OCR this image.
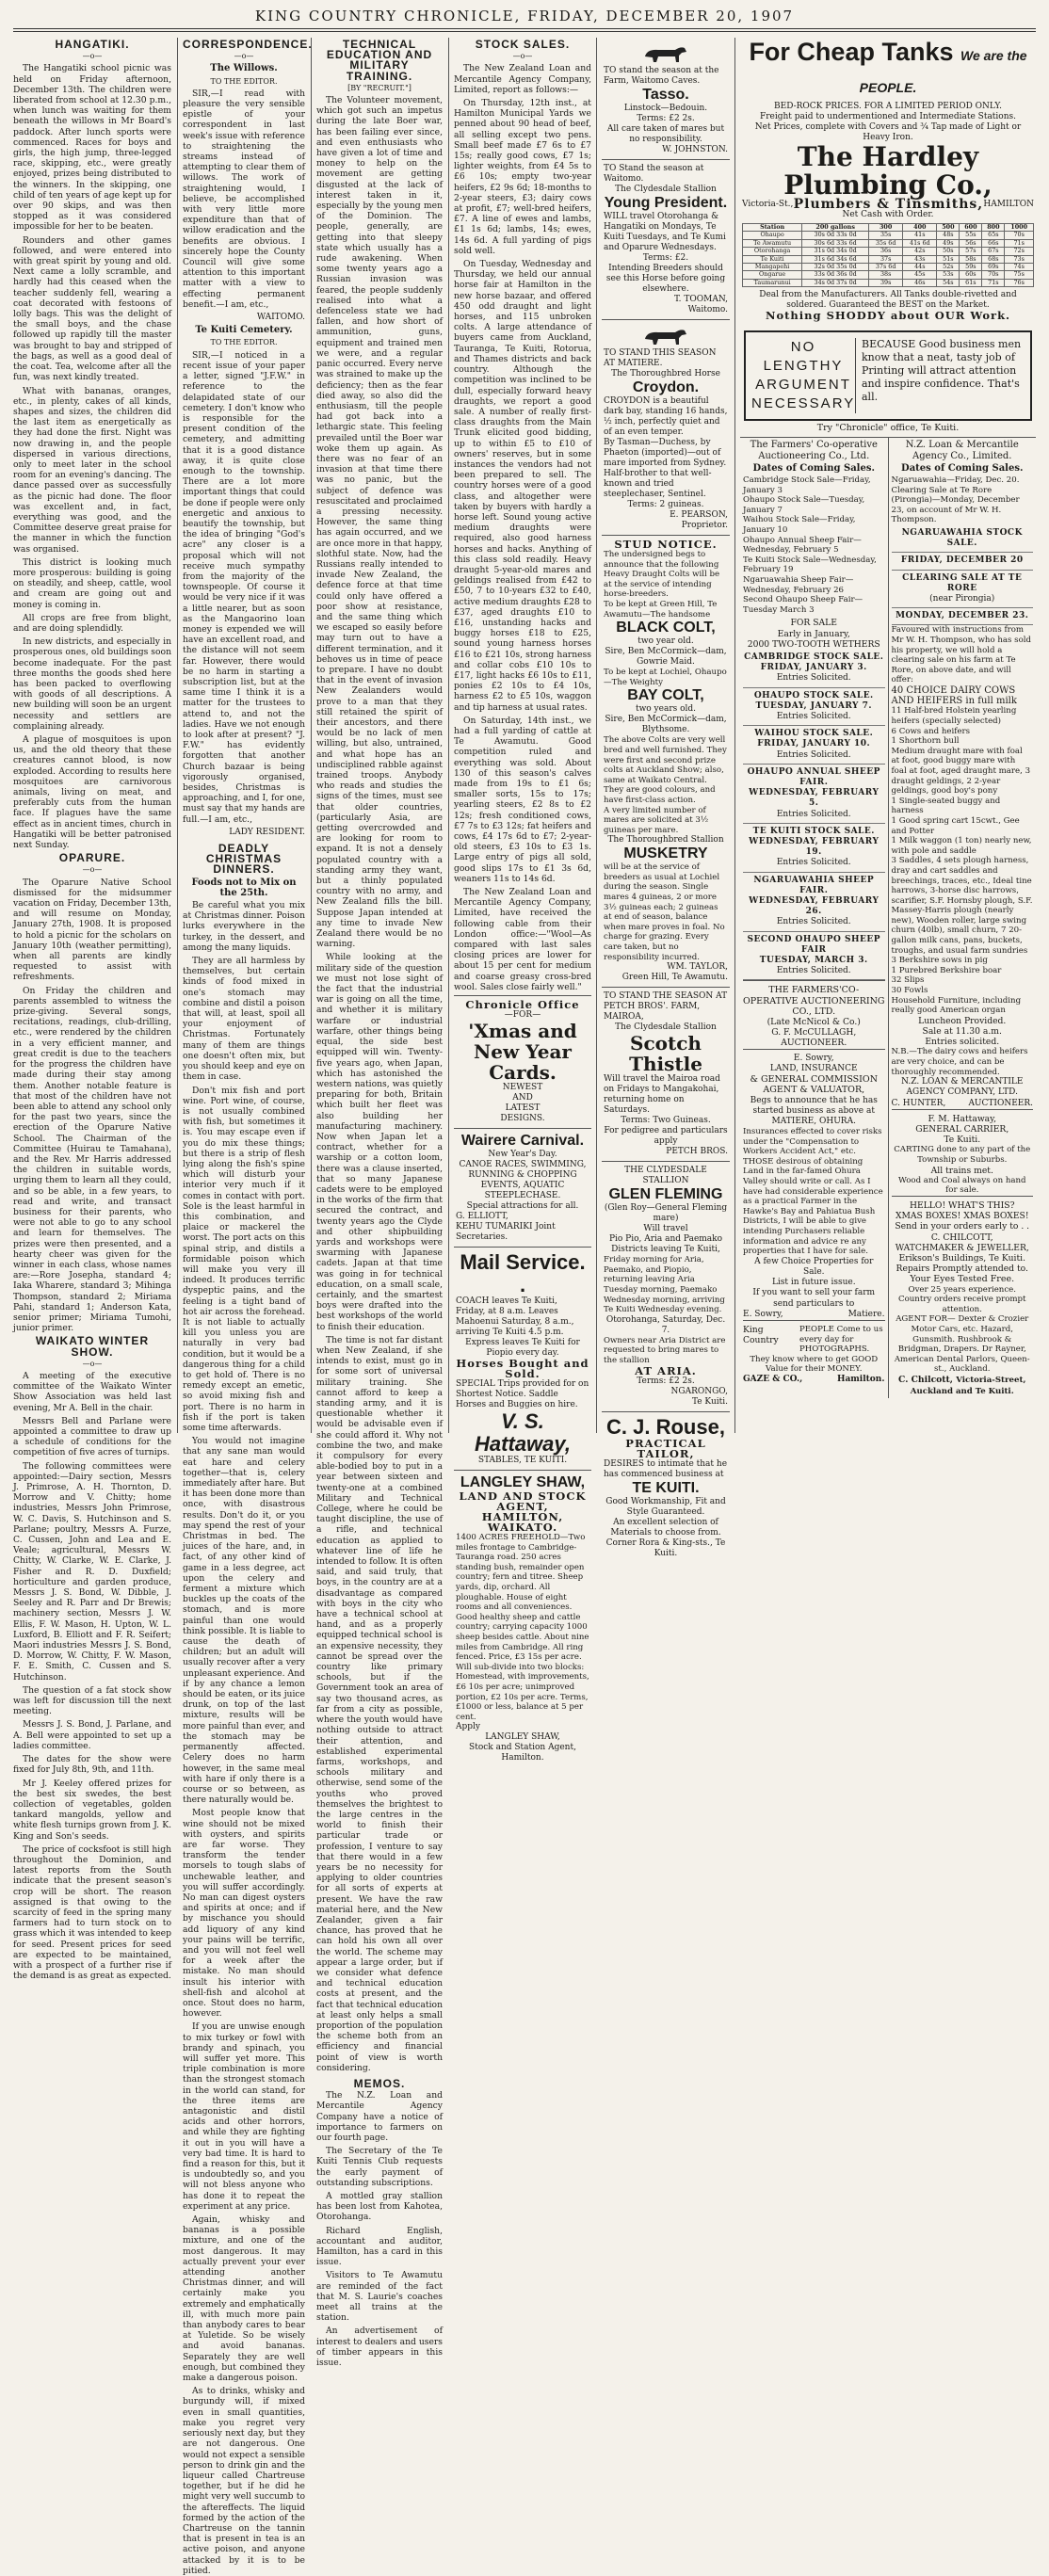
KING COUNTRY CHRONICLE, FRIDAY, DECEMBER 20, 1907
HANGATIKI.
—o—

The Hangatiki school picnic was held on Friday afternoon, December 13th. The children were liberated from school at 12.30 p.m., when lunch was waiting for them beneath the willows in Mr Board's paddock. After lunch sports were commenced. Races for boys and girls, the high jump, three-legged race, skipping, etc., were greatly enjoyed, prizes being distributed to the winners. In the skipping, one child of ten years of age kept up for over 90 skips, and was then stopped as it was considered impossible for her to be beaten.

Rounders and other games followed, and were entered into with great spirit by young and old. Next came a lolly scramble, and hardly had this ceased when the teacher suddenly fell, wearing a coat decorated with festoons of lolly bags. This was the delight of the small boys, and the chase followed up rapidly till the master was brought to bay and stripped of the bags, as well as a good deal of the coat. Tea, welcome after all the fun, was next kindly treated.

What with bananas, oranges, etc., in plenty, cakes of all kinds, shapes and sizes, the children did the last item as energetically as they had done the first. Night was now drawing in, and the people dispersed in various directions, only to meet later in the school room for an evening's dancing. The dance passed over as successfully as the picnic had done. The floor was excellent and, in fact, everything was good, and the Committee deserve great praise for the manner in which the function was organised.

This district is looking much more prosperous: building is going on steadily, and sheep, cattle, wool and cream are going out and money is coming in.

All crops are free from blight, and are doing splendidly.

In new districts, and especially in prosperous ones, old buildings soon become inadequate. For the past three months the goods shed here has been packed to overflowing with goods of all descriptions. A new building will soon be an urgent necessity and settlers are complaining already.

A plague of mosquitoes is upon us, and the old theory that these creatures cannot blood, is now exploded. According to results here mosquitoes are carnivorous animals, living on meat, and preferably cuts from the human face. If plagues have the same effect as in ancient times, church in Hangatiki will be better patronised next Sunday.

OPARURE.
—o—

The Oparure Native School dismissed for the midsummer vacation on Friday, December 13th, and will resume on Monday, January 27th, 1908. It is proposed to hold a picnic for the scholars on January 10th (weather permitting), when all parents are kindly requested to assist with refreshments.

On Friday the children and parents assembled to witness the prize-giving. Several songs, recitations, readings, club-drilling, etc., were rendered by the children in a very efficient manner, and great credit is due to the teachers for the progress the children have made during their stay among them. Another notable feature is that most of the children have not been able to attend any school only for the past two years, since the erection of the Oparure Native School. The Chairman of the Committee (Huirau te Tamahana), and the Rev. Mr Harris addressed the children in suitable words, urging them to learn all they could, and so be able, in a few years, to read and write, and transact business for their parents, who were not able to go to any school and learn for themselves. The prizes were then presented, and a hearty cheer was given for the winner in each class, whose names are:—Rore Josepha, standard 4; Iaka Wharere, standard 3; Mihinga Thompson, standard 2; Miriama Pahi, standard 1; Anderson Kata, senior primer; Miriama Tumohi, junior primer.

WAIKATO WINTER SHOW.
—o—

A meeting of the executive committee of the Waikato Winter Show Association was held last evening, Mr A. Bell in the chair.

Messrs Bell and Parlane were appointed a committee to draw up a schedule of conditions for the competition of five acres of turnips.

The following committees were appointed:—Dairy section, Messrs J. Primrose, A. H. Thornton, D. Morrow and V. Chitty; home industries, Messrs John Primrose, W. C. Davis, S. Hutchinson and S. Parlane; poultry, Messrs A. Furze, C. Cussen, John and Lea and E. Veale; agricultural, Messrs W. Chitty, W. Clarke, W. E. Clarke, J. Fisher and R. D. Duxfield; horticulture and garden produce, Messrs J. S. Bond, W. Dibble, J. Seeley and R. Parr and Dr Brewis; machinery section, Messrs J. W. Ellis, F. W. Mason, H. Upton, W. L. Luxford, B. Elliott and F. R. Seifert; Maori industries Messrs J. S. Bond, D. Morrow, W. Chitty, F. W. Mason, F. E. Smith, C. Cussen and S. Hutchinson.

The question of a fat stock show was left for discussion till the next meeting.

Messrs J. S. Bond, J. Parlane, and A. Bell were appointed to set up a ladies committee.

The dates for the show were fixed for July 8th, 9th, and 11th.

Mr J. Keeley offered prizes for the best six swedes, the best collection of vegetables, golden tankard mangolds, yellow and white flesh turnips grown from J. K. King and Son's seeds.

The price of cocksfoot is still high throughout the Dominion, and latest reports from the South indicate that the present season's crop will be short. The reason assigned is that owing to the scarcity of feed in the spring many farmers had to turn stock on to grass which it was intended to keep for seed. Present prices for seed are expected to be maintained, with a prospect of a further rise if the demand is as great as expected.

CORRESPONDENCE.
—o—
The Willows.
TO THE EDITOR.

SIR,—I read with pleasure the very sensible epistle of your correspondent in last week's issue with reference to straightening the streams instead of attempting to clear them of willows. The work of straightening would, I believe, be accomplished with very little more expenditure than that of willow eradication and the benefits are obvious. I sincerely hope the County Council will give some attention to this important matter with a view to effecting permanent benefit.—I am, etc.,

WAITOMO.
Te Kuiti Cemetery.
TO THE EDITOR.

SIR,—I noticed in a recent issue of your paper a letter, signed "J.F.W." in reference to the delapidated state of our cemetery. I don't know who is responsible for the present condition of the cemetery, and admitting that it is a good distance away, it is quite close enough to the township. There are a lot more important things that could be done if people were only energetic and anxious to beautify the township, but the idea of bringing "God's acre" any closer is a proposal which will not receive much sympathy from the majority of the townspeople. Of course it would be very nice if it was a little nearer, but as soon as the Mangaorino loan money is expended we will have an excellent road, and the distance will not seem far. However, there would be no harm in starting a subscription list, but at the same time I think it is a matter for the trustees to attend to, and not the ladies. Have we not enough to look after at present? "J. F.W." has evidently forgotten that another Church bazaar is being vigorously organised, besides, Christmas is approaching, and I, for one, must say that my hands are full.—I am, etc.,

LADY RESIDENT.
DEADLY CHRISTMAS DINNERS.
Foods not to Mix on the 25th.

Be careful what you mix at Christmas dinner. Poison lurks everywhere in the turkey, in the dessert, and among the many liquids.

They are all harmless by themselves, but certain kinds of food mixed in one's stomach may combine and distil a poison that will, at least, spoil all your enjoyment of Christmas. Fortunately many of them are things one doesn't often mix, but you should keep and eye on them in case.

Don't mix fish and port wine. Port wine, of course, is not usually combined with fish, but sometimes it is. You may escape even if you do mix these things; but there is a strip of flesh lying along the fish's spine which will disturb your interior very much if it comes in contact with port. Sole is the least harmful in this combination, and plaice or mackerel the worst. The port acts on this spinal strip, and distils a formidable poison which will make you very ill indeed. It produces terrific dyspeptic pains, and the feeling is a tight band of hot air across the forehead. It is not liable to actually kill you unless you are naturally in very bad condition, but it would be a dangerous thing for a child to get hold of. There is no remedy except an emetic, so avoid mixing fish and port. There is no harm in fish if the port is taken some time afterwards.

You would not imagine that any sane man would eat hare and celery together—that is, celery immediately after hare. But it has been done more than once, with disastrous results. Don't do it, or you may spend the rest of your Christmas in bed. The juices of the hare, and, in fact, of any other kind of game in a less degree, act upon the celery and ferment a mixture which buckles up the coats of the stomach, and is more painful than one would think possible. It is liable to cause the death of children; but an adult will usually recover after a very unpleasant experience. And if by any chance a lemon should be eaten, or its juice drunk, on top of the last mixture, results will be more painful than ever, and the stomach may be permanently affected. Celery does no harm however, in the same meal with hare if only there is a course or so between, as there naturally would be.

Most people know that wine should not be mixed with oysters, and spirits are far worse. They transform the tender morsels to tough slabs of unchewable leather, and you will suffer accordingly. No man can digest oysters and spirits at once; and if by mischance you should add liquory of any kind your pains will be terrific, and you will not feel well for a week after the mistake. No man should insult his interior with shell-fish and alcohol at once. Stout does no harm, however.

If you are unwise enough to mix turkey or fowl with brandy and spinach, you will suffer yet more. This triple combination is more than the strongest stomach in the world can stand, for the three items are antagonistic and distil acids and other horrors, and while they are fighting it out in you will have a very bad time. It is hard to find a reason for this, but it is undoubtedly so, and you will not bless anyone who has done it to repeat the experiment at any price.

Again, whisky and bananas is a possible mixture, and one of the most dangerous. It may actually prevent your ever attending another Christmas dinner, and will certainly make you extremely and emphatically ill, with much more pain than anybody cares to bear at Yuletide. So be wisely and avoid bananas. Separately they are well enough, but combined they make a dangerous poison.

As to drinks, whisky and burgundy will, if mixed even in small quantities, make you regret very seriously next day, but they are not dangerous. One would not expect a sensible person to drink gin and the liqueur called Chartreuse together, but if he did he might very well succumb to the aftereffects. The liquid formed by the action of the Chartreuse on the tannin that is present in tea is an active poison, and anyone attacked by it is to be pitied.

TECHNICAL EDUCATION AND MILITARY TRAINING.
[BY "RECRUIT."]

The Volunteer movement, which got such an impetus during the late Boer war, has been failing ever since, and even enthusiasts who have given a lot of time and money to help on the movement are getting disgusted at the lack of interest taken in it, especially by the young men of the Dominion. The people, generally, are getting into that sleepy state which usually has a rude awakening. When some twenty years ago a Russian invasion was feared, the people suddenly realised into what a defenceless state we had fallen, and how short of ammunition, guns, equipment and trained men we were, and a regular panic occurred. Every nerve was strained to make up the deficiency; then as the fear died away, so also did the enthusiasm, till the people had got back into a lethargic state. This feeling prevailed until the Boer war woke them up again. As there was no fear of an invasion at that time there was no panic, but the subject of defence was resuscitated and proclaimed a pressing necessity. However, the same thing has again occurred, and we are once more in that happy, slothful state. Now, had the Russians really intended to invade New Zealand, the defence force at that time could only have offered a poor show at resistance, and the same thing which we escaped so easily before may turn out to have a different termination, and it behoves us in time of peace to prepare. I have no doubt that in the event of invasion New Zealanders would prove to a man that they still retained the spirit of their ancestors, and there would be no lack of men willing, but also, untrained, and what hope has an undisciplined rabble against trained troops. Anybody who reads and studies the signs of the times, must see that older countries, (particularly Asia, are getting overcrowded and are looking for room to expand. It is not a densely populated country with a standing army they want, but a thinly populated country with no army, and New Zealand fills the bill. Suppose Japan intended at any time to invade New Zealand there would be no warning.

While looking at the military side of the question we must not lose sight of the fact that the industrial war is going on all the time, and whether it is military warfare or industrial warfare, other things being equal, the side best equipped will win. Twenty-five years ago, when Japan, which has astonished the western nations, was quietly preparing for both, Britain which built her fleet was also building her manufacturing machinery. Now when Japan let a contract, whether for a warship or a cotton loom, there was a clause inserted, that so many Japanese cadets were to be employed in the works of the firm that secured the contract, and twenty years ago the Clyde and other shipbuilding yards and workshops were swarming with Japanese cadets. Japan at that time was going in for technical education, on a small scale, certainly, and the smartest boys were drafted into the best workshops of the world to finish their education.

The time is not far distant when New Zealand, if she intends to exist, must go in for some sort of universal military training. She cannot afford to keep a standing army, and it is questionable whether it would be advisable even if she could afford it. Why not combine the two, and make it compulsory for every able-bodied boy to put in a year between sixteen and twenty-one at a combined Military and Technical College, where he could be taught discipline, the use of a rifle, and technical education as applied to whatever line of life he intended to follow. It is often said, and said truly, that boys, in the country are at a disadvantage as compared with boys in the city who have a technical school at hand, and as a properly equipped technical school is an expensive necessity, they cannot be spread over the country like primary schools, but if the Government took an area of say two thousand acres, as far from a city as possible, where the youth would have nothing outside to attract their attention, and established experimental farms, workshops, and schools military and otherwise, send some of the youths who proved themselves the brightest to the large centres in the world to finish their particular trade or profession, I venture to say that there would in a few years be no necessity for applying to older countries for all sorts of experts at present. We have the raw material here, and the New Zealander, given a fair chance, has proved that he can hold his own all over the world. The scheme may appear a large order, but if we consider what defence and technical education costs at present, and the fact that technical education at least only helps a small proportion of the population the scheme both from an efficiency and financial point of view is worth considering.

MEMOS.

The N.Z. Loan and Mercantile Agency Company have a notice of importance to farmers on our fourth page.

The Secretary of the Te Kuiti Tennis Club requests the early payment of outstanding subscriptions.

A mottled gray stallion has been lost from Kahotea, Otorohanga.

Richard English, accountant and auditor, Hamilton, has a card in this issue.

Visitors to Te Awamutu are reminded of the fact that M. S. Laurie's coaches meet all trains at the station.

An advertisement of interest to dealers and users of timber appears in this issue.

STOCK SALES.
—o—

The New Zealand Loan and Mercantile Agency Company, Limited, report as follows:—

On Thursday, 12th inst., at Hamilton Municipal Yards we penned about 90 head of beef, all selling except two pens. Small beef made £7 6s to £7 15s; really good cows, £7 1s; lighter weights, from £4 5s to £6 10s; empty two-year heifers, £2 9s 6d; 18-months to 2-year steers, £3; dairy cows at profit, £7; well-bred heifers, £7. A line of ewes and lambs, £1 1s 6d; lambs, 14s; ewes, 14s 6d. A full yarding of pigs sold well.

On Tuesday, Wednesday and Thursday, we held our annual horse fair at Hamilton in the new horse bazaar, and offered 450 odd draught and light horses, and 115 unbroken colts. A large attendance of buyers came from Auckland, Tauranga, Te Kuiti, Rotorua, and Thames districts and back country. Although the competition was inclined to be dull, especially forward heavy draughts, we report a good sale. A number of really first-class draughts from the Main Trunk elicited good bidding, up to within £5 to £10 of owners' reserves, but in some instances the vendors had not been prepared to sell. The country horses were of a good class, and altogether were taken by buyers with hardly a horse left. Sound young active medium draughts were required, also good harness horses and hacks. Anything of this class sold readily. Heavy draught 5-year-old mares and geldings realised from £42 to £50, 7 to 10-years £32 to £40, active medium draughts £28 to £37, aged draughts £10 to £16, unstanding hacks and buggy horses £18 to £25, sound young harness horses £16 to £21 10s, strong harness and collar cobs £10 10s to £17, light hacks £6 10s to £11, ponies £2 10s to £4 10s, harness £2 to £5 10s, waggon and tip harness at usual rates.

On Saturday, 14th inst., we had a full yarding of cattle at Te Awamutu. Good competition ruled and everything was sold. About 130 of this season's calves made from 19s to £1 6s; smaller sorts, 15s to 17s; yearling steers, £2 8s to £2 12s; fresh conditioned cows, £7 7s to £3 12s; fat heifers and cows, £4 17s 6d to £7; 2-year-old steers, £3 10s to £3 1s. Large entry of pigs all sold, good slips 17s to £1 3s 6d, weaners 11s to 14s 6d.

The New Zealand Loan and Mercantile Agency Company, Limited, have received the following cable from their London office:—"Wool—As compared with last sales closing prices are lower for about 15 per cent for medium and coarse greasy cross-bred wool. Sales close fairly well."

Chronicle Office
—FOR—
'Xmas and New Year Cards.
NEWEST
AND
LATEST
DESIGNS.
Wairere Carnival.
New Year's Day.
CANOE RACES, SWIMMING, RUNNING & CHOPPING EVENTS, AQUATIC STEEPLECHASE.
Special attractions for all.
G. ELLIOTT,
KEHU TUMARIKI Joint Secretaries.
Mail Service. .
COACH leaves Te Kuiti, Friday, at 8 a.m. Leaves Mahoenui Saturday, 8 a.m., arriving Te Kuiti 4.5 p.m.
Express leaves Te Kuiti for Piopio every day.
Horses Bought and Sold.
SPECIAL Trips provided for on Shortest Notice. Saddle Horses and Buggies on hire.
V. S. Hattaway,
STABLES, TE KUITI.
LANGLEY SHAW,
LAND AND STOCK AGENT,
HAMILTON, WAIKATO.
1400 ACRES FREEHOLD—Two miles frontage to Cambridge-Tauranga road. 250 acres standing bush, remainder open country; fern and titree. Sheep yards, dip, orchard. All ploughable. House of eight rooms and all conveniences. Good healthy sheep and cattle country; carrying capacity 1000 sheep besides cattle. About nine miles from Cambridge. All ring fenced. Price, £3 15s per acre. Will sub-divide into two blocks: Homestead, with improvements, £6 10s per acre; unimproved portion, £2 10s per acre. Terms, £1000 or less, balance at 5 per cent.
Apply
LANGLEY SHAW,
Stock and Station Agent,
Hamilton.
TO stand the season at the Farm, Waitomo Caves.
Tasso.
Linstock—Bedouin.
Terms: £2 2s.
All care taken of mares but no responsibility.
W. JOHNSTON.
TO Stand the season at Waitomo.
The Clydesdale Stallion
Young President.
WILL travel Otorohanga & Hangatiki on Mondays, Te Kuiti Tuesdays, and Te Kumi and Oparure Wednesdays.
Terms: £2.
Intending Breeders should see this Horse before going elsewhere.
T. TOOMAN,
Waitomo.
TO STAND THIS SEASON AT MATIERE.
The Thoroughbred Horse
Croydon.
CROYDON is a beautiful dark bay, standing 16 hands, ½ inch, perfectly quiet and of an even temper.
By Tasman—Duchess, by Phaeton (imported)—out of mare imported from Sydney. Half-brother to that well-known and tried steeplechaser, Sentinel.
Terms: 2 guineas.
E. PEARSON,
Proprietor.
STUD NOTICE.
The undersigned begs to announce that the following Heavy Draught Colts will be at the service of intending horse-breeders.
To be kept at Green Hill, Te Awamutu—The handsome
BLACK COLT,
two year old.
Sire, Ben McCormick—dam, Gowrie Maid.
To be kept at Lochiel, Ohaupo—The Weighty
BAY COLT,
two years old.
Sire, Ben McCormick—dam, Blythsome.
The above Colts are very well bred and well furnished. They were first and second prize colts at Auckland Show; also, same at Waikato Central. They are good colours, and have first-class action.
A very limited number of mares are solicited at 3½ guineas per mare.
The Thoroughbred Stallion
MUSKETRY
will be at the service of breeders as usual at Lochiel during the season. Single mares 4 guineas, 2 or more 3½ guineas each; 2 guineas at end of season, balance when mare proves in foal. No charge for grazing. Every care taken, but no responsibility incurred.
WM. TAYLOR,
Green Hill, Te Awamutu.
TO STAND THE SEASON AT PETCH BROS'. FARM, MAIROA,
The Clydesdale Stallion
Scotch Thistle
Will travel the Mairoa road on Fridays to Mangakohai, returning home on Saturdays.
Terms: Two Guineas.
For pedigree and particulars apply
PETCH BROS.
THE CLYDESDALE STALLION
GLEN FLEMING
(Glen Roy—General Fleming mare)
Will travel
Pio Pio, Aria and Paemako Districts leaving Te Kuiti,
Friday morning for Aria, Paemako, and Piopio, returning leaving Aria Tuesday morning, Paemako Wednesday morning, arriving Te Kuiti Wednesday evening.
Otorohanga, Saturday, Dec. 7.
Owners near Aria District are requested to bring mares to the stallion
AT ARIA.
Terms: £2 2s.
NGARONGO,
Te Kuiti.
C. J. Rouse,
PRACTICAL TAILOR,
DESIRES to intimate that he has commenced business at
TE KUITI.
Good Workmanship, Fit and Style Guaranteed.
An excellent selection of Materials to choose from.
Corner Rora & King-sts., Te Kuiti.
For Cheap Tanks We are the PEOPLE.
BED-ROCK PRICES. FOR A LIMITED PERIOD ONLY.
Freight paid to undermentioned and Intermediate Stations.
Net Prices, complete with Covers and ¾ Tap made of Light or Heavy Iron.
The Hardley Plumbing Co.,
Victoria-St., Plumbers & Tinsmiths, HAMILTON
Net Cash with Order.
Station	200 gallons	300	400	500	600	800	1000
Ohaupo	30s 0d 33s 0d	35s	41s	48s	55s	65s	70s
Te Awamutu	30s 6d 33s 6d	35s 6d	41s 6d	49s	56s	66s	71s
Otorohanga	31s 0d 34s 0d	36s	42s	50s	57s	67s	72s
Te Kuiti	31s 6d 34s 6d	37s	43s	51s	58s	68s	73s
Mangapehi	32s 0d 35s 0d	37s 6d	44s	52s	59s	69s	74s
Ongarue	33s 0d 36s 0d	38s	45s	53s	60s	70s	75s
Taumarunui	34s 0d 37s 0d	39s	46s	54s	61s	71s	76s
Deal from the Manufacturers. All Tanks double-rivetted and soldered. Guaranteed the BEST on the Market.
Nothing SHODDY about OUR Work.
NO LENGTHY ARGUMENT NECESSARY
BECAUSE Good business men know that a neat, tasty job of Printing will attract attention and inspire confidence. That's all.
Try "Chronicle" office, Te Kuiti.
The Farmers' Co-operative Auctioneering Co., Ltd.
Dates of Coming Sales.
Cambridge Stock Sale—Friday, January 3
Ohaupo Stock Sale—Tuesday, January 7
Waihou Stock Sale—Friday, January 10
Ohaupo Annual Sheep Fair—Wednesday, February 5
Te Kuiti Stock Sale—Wednesday, February 19
Ngaruawahia Sheep Fair—Wednesday, February 26
Second Ohaupo Sheep Fair—Tuesday March 3
FOR SALE
Early in January,
2000 TWO-TOOTH WETHERS
CAMBRIDGE STOCK SALE.
FRIDAY, JANUARY 3.
Entries Solicited.
OHAUPO STOCK SALE.
TUESDAY, JANUARY 7.
Entries Solicited.
WAIHOU STOCK SALE.
FRIDAY, JANUARY 10.
Entries Solicited.
OHAUPO ANNUAL SHEEP FAIR.
WEDNESDAY, FEBRUARY 5.
Entries Solicited.
TE KUITI STOCK SALE.
WEDNESDAY, FEBRUARY 19.
Entries Solicited.
NGARUAWAHIA SHEEP FAIR.
WEDNESDAY, FEBRUARY 26.
Entries Solicited.
SECOND OHAUPO SHEEP FAIR
TUESDAY, MARCH 3.
Entries Solicited.
THE FARMERS'CO-OPERATIVE AUCTIONEERING CO., LTD.
(Late McNicol & Co.)
G. F. McCULLAGH, AUCTIONEER.
E. Sowry,
LAND, INSURANCE
& GENERAL COMMISSION AGENT & VALUATOR,
Begs to announce that he has started business as above at
MATIERE, OHURA.
Insurances effected to cover risks under the "Compensation to Workers Accident Act," etc.
THOSE desirous of obtaining Land in the far-famed Ohura Valley should write or call. As I have had considerable experience as a practical Farmer in the Hawke's Bay and Pahiatua Bush Districts, I will be able to give intending Purchasers reliable information and advice re any properties that I have for sale.
A few Choice Properties for Sale.
List in future issue.
If you want to sell your farm send particulars to
E. Sowry,	Matiere.
King Country
PEOPLE Come to us every day for PHOTOGRAPHS.
They know where to get GOOD Value for their MONEY.
GAZE & CO.,	Hamilton.
N.Z. Loan & Mercantile Agency Co., Limited.
Dates of Coming Sales.
Ngaruawahia—Friday, Dec. 20. Clearing Sale at Te Rore (Pirongia)—Monday, December 23, on account of Mr W. H. Thompson.
NGARUAWAHIA STOCK SALE.
FRIDAY, DECEMBER 20
CLEARING SALE AT TE RORE
(near Pirongia)
MONDAY, DECEMBER 23.
Favoured with instructions from Mr W. H. Thompson, who has sold his property, we will hold a clearing sale on his farm at Te Rore, on above date, and will offer:
40 CHOICE DAIRY COWS AND HEIFERS in full milk
11 Half-bred Holstein yearling heifers (specially selected)
6 Cows and heifers
1 Shorthorn bull
Medium draught mare with foal at foot, good buggy mare with foal at foot, aged draught mare, 3 draught geldings, 2 2-year geldings, good boy's pony
1 Single-seated buggy and harness
1 Good spring cart 15cwt., Gee and Potter
1 Milk waggon (1 ton) nearly new, with pole and saddle
3 Saddles, 4 sets plough harness, dray and cart saddles and breechings, traces, etc., Ideal tine harrows, 3-horse disc harrows, scarifier, S.F. Hornsby plough, S.F. Massey-Harris plough (nearly new), Wooden roller, large swing churn (40lb), small churn, 7 20-gallon milk cans, pans, buckets, troughs, and usual farm sundries
3 Berkshire sows in pig
1 Purebred Berkshire boar
32 Slips
30 Fowls
Household Furniture, including really good American organ
Luncheon Provided.
Sale at 11.30 a.m.
Entries solicited.
N.B.—The dairy cows and heifers are very choice, and can be thoroughly recommended.
N.Z. LOAN & MERCANTILE AGENCY COMPANY, LTD.
C. HUNTER,	AUCTIONEER.
F. M. Hattaway,
GENERAL CARRIER,
Te Kuiti.
CARTING done to any part of the Township or Suburbs.
All trains met.
Wood and Coal always on hand for sale.
HELLO! WHAT'S THIS?
XMAS BOXES! XMAS BOXES!
Send in your orders early to . .
C. CHILCOTT,
WATCHMAKER & JEWELLER,
Erikson's Buildings, Te Kuiti.
Repairs Promptly attended to.
Your Eyes Tested Free.
Over 25 years experience. Country orders receive prompt attention.
AGENT FOR— Dexter & Crozier Motor Cars, etc. Hazard, Gunsmith. Rushbrook & Bridgman, Drapers. Dr Rayner, American Dental Parlors, Queen-st., Auckland.
C. Chilcott, Victoria-Street, Auckland and Te Kuiti.
